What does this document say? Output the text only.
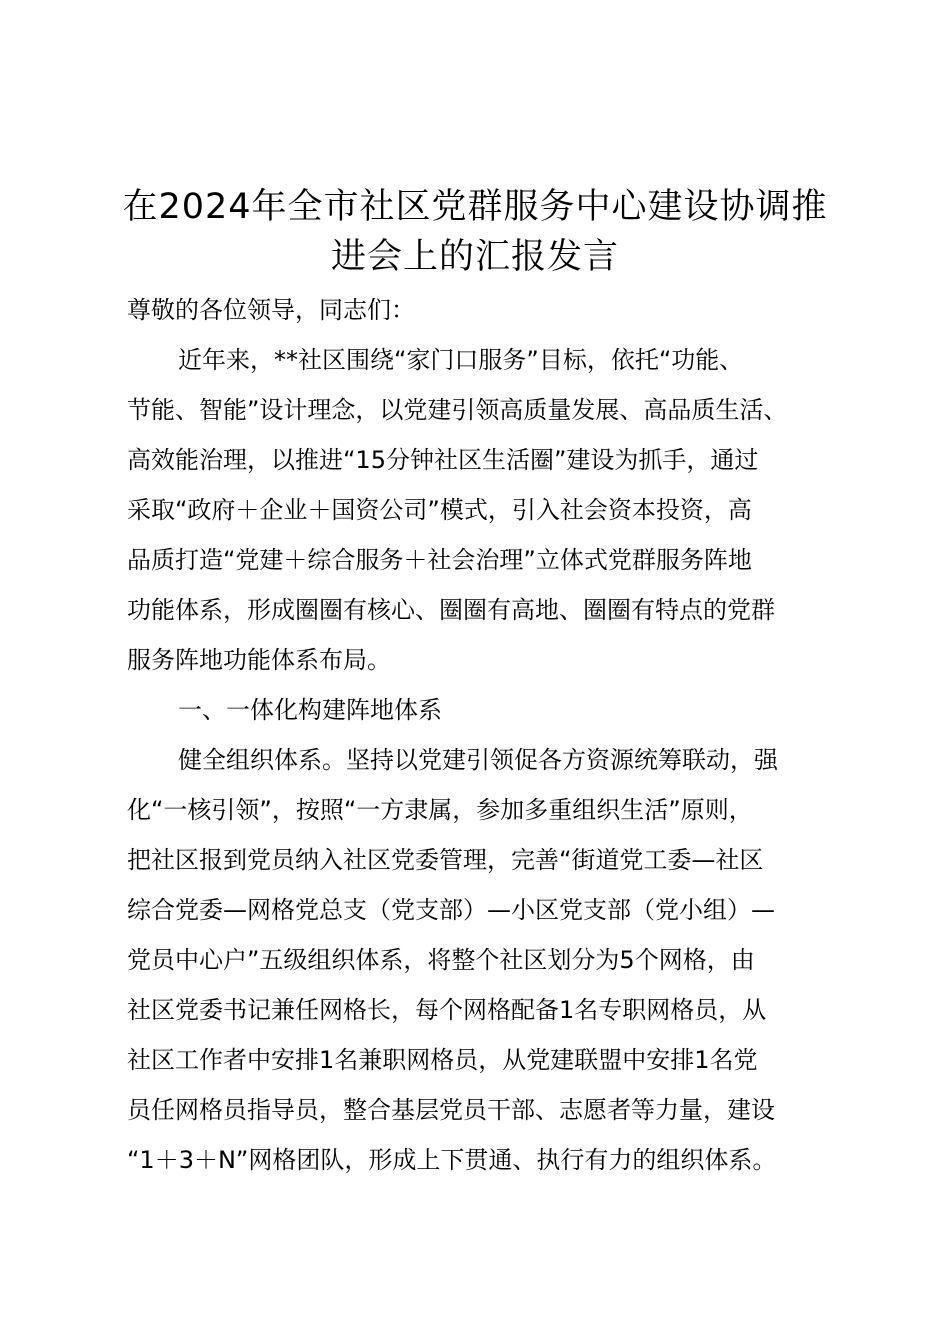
在2024年全市社区党群服务中心建设协调推
进会上的汇报发言
尊敬的各位领导，同志们：
近年来，**社区围绕“家门口服务”目标，依托“功能、
节能、智能”设计理念，以党建引领高质量发展、高品质生活、
高效能治理，以推进“15分钟社区生活圈”建设为抓手，通过
采取“政府＋企业＋国资公司”模式，引入社会资本投资，高
品质打造“党建＋综合服务＋社会治理”立体式党群服务阵地
功能体系，形成圈圈有核心、圈圈有高地、圈圈有特点的党群
服务阵地功能体系布局。
一、一体化构建阵地体系
健全组织体系。坚持以党建引领促各方资源统筹联动，强
化“一核引领”，按照“一方隶属，参加多重组织生活”原则，
把社区报到党员纳入社区党委管理，完善“街道党工委—社区
综合党委—网格党总支（党支部）—小区党支部（党小组）—
党员中心户”五级组织体系，将整个社区划分为5个网格，由
社区党委书记兼任网格长，每个网格配备1名专职网格员，从
社区工作者中安排1名兼职网格员，从党建联盟中安排1名党
员任网格员指导员，整合基层党员干部、志愿者等力量，建设
“1＋3＋N”网格团队，形成上下贯通、执行有力的组织体系。
